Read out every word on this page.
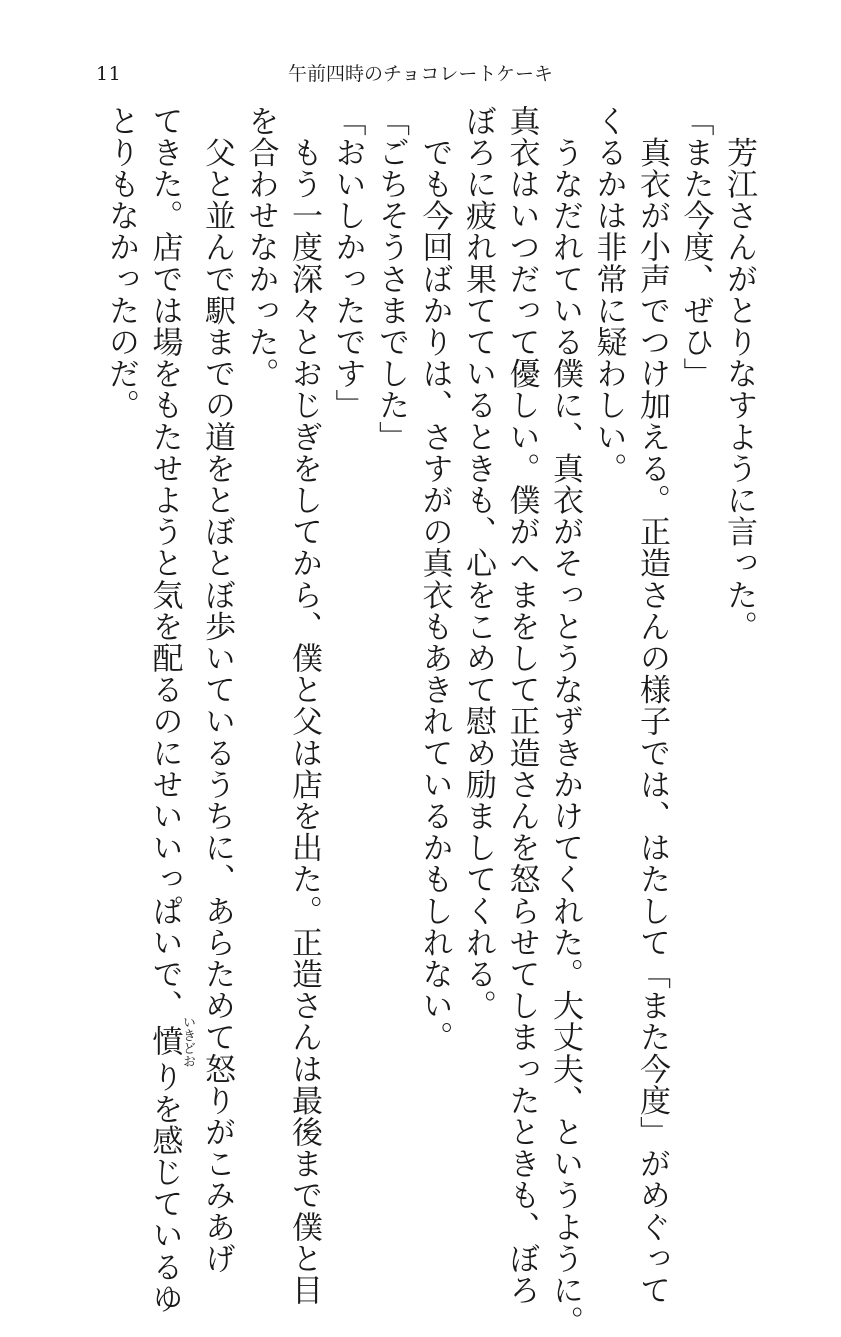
11	午前四時のチョコレートケーキ

　芳江さんがとりなすように言った。

「また今度、ぜひ」

　真衣が小声でつけ加える。正造さんの様子では、はたして「また今度」がめぐって

くるかは非常に疑わしい。

　うなだれている僕に、真衣がそっとうなずきかけてくれた。大丈夫、というように。

真衣はいつだって優しい。僕がへまをして正造さんを怒らせてしまったときも、ぼろ

ぼろに疲れ果てているときも、心をこめて慰め励ましてくれる。

　でも今回ばかりは、さすがの真衣もあきれているかもしれない。

「ごちそうさまでした」

「おいしかったです」

　もう一度深々とおじぎをしてから、僕と父は店を出た。正造さんは最後まで僕と目

を合わせなかった。

　父と並んで駅までの道をとぼとぼ歩いているうちに、あらためて怒りがこみあげ

てきた。店では場をもたせようと気を配るのにせいいっぱいで、憤いきどおりを感じているゆ

とりもなかったのだ。
